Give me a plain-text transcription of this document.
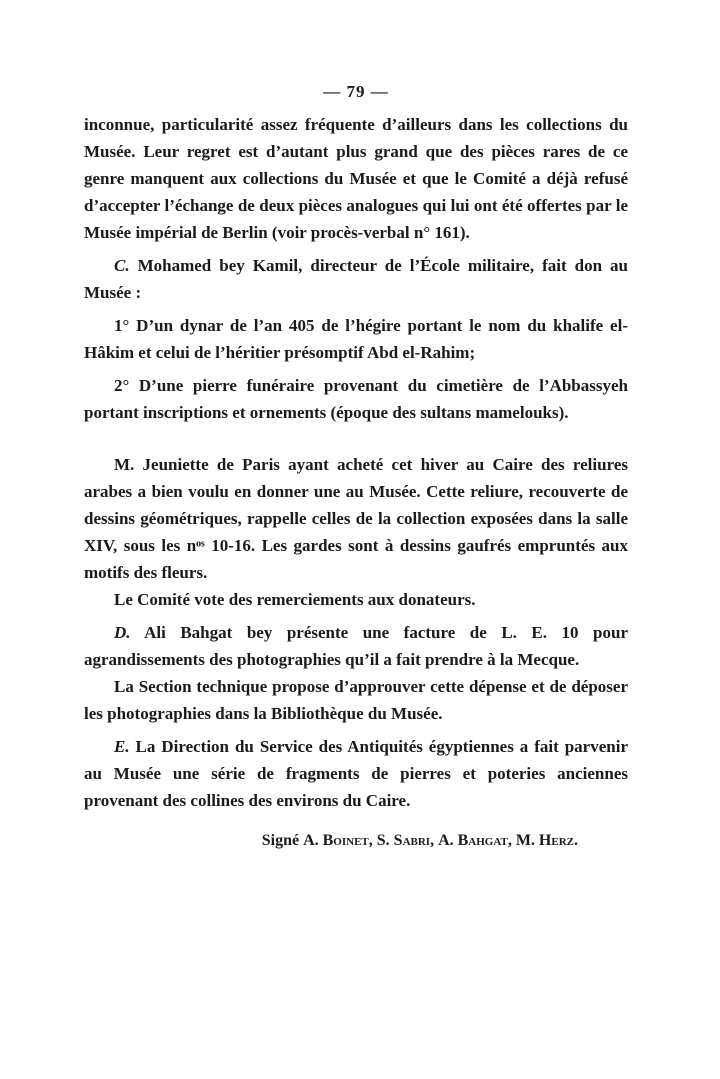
— 79 —

inconnue, particularité assez fréquente d’ailleurs dans les collections du Musée. Leur regret est d’autant plus grand que des pièces rares de ce genre manquent aux collections du Musée et que le Comité a déjà refusé d’accepter l’échange de deux pièces analogues qui lui ont été offertes par le Musée impérial de Berlin (voir procès-verbal n° 161).

C. Mohamed bey Kamil, directeur de l’École militaire, fait don au Musée :

1° D’un dynar de l’an 405 de l’hégire portant le nom du khalife el-Hâkim et celui de l’héritier présomptif Abd el-Rahim;

2° D’une pierre funéraire provenant du cimetière de l’Abbassyeh portant inscriptions et ornements (époque des sultans mamelouks).

M. Jeuniette de Paris ayant acheté cet hiver au Caire des reliures arabes a bien voulu en donner une au Musée. Cette reliure, recouverte de dessins géométriques, rappelle celles de la collection exposées dans la salle XIV, sous les nᵒˢ 10-16. Les gardes sont à dessins gaufrés empruntés aux motifs des fleurs.

Le Comité vote des remerciements aux donateurs.

D. Ali Bahgat bey présente une facture de L. E. 10 pour agrandissements des photographies qu’il a fait prendre à la Mecque.

La Section technique propose d’approuver cette dépense et de déposer les photographies dans la Bibliothèque du Musée.

E. La Direction du Service des Antiquités égyptiennes a fait parvenir au Musée une série de fragments de pierres et poteries anciennes provenant des collines des environs du Caire.

Signé A. Boinet, S. Sabri, A. Bahgat, M. Herz.
